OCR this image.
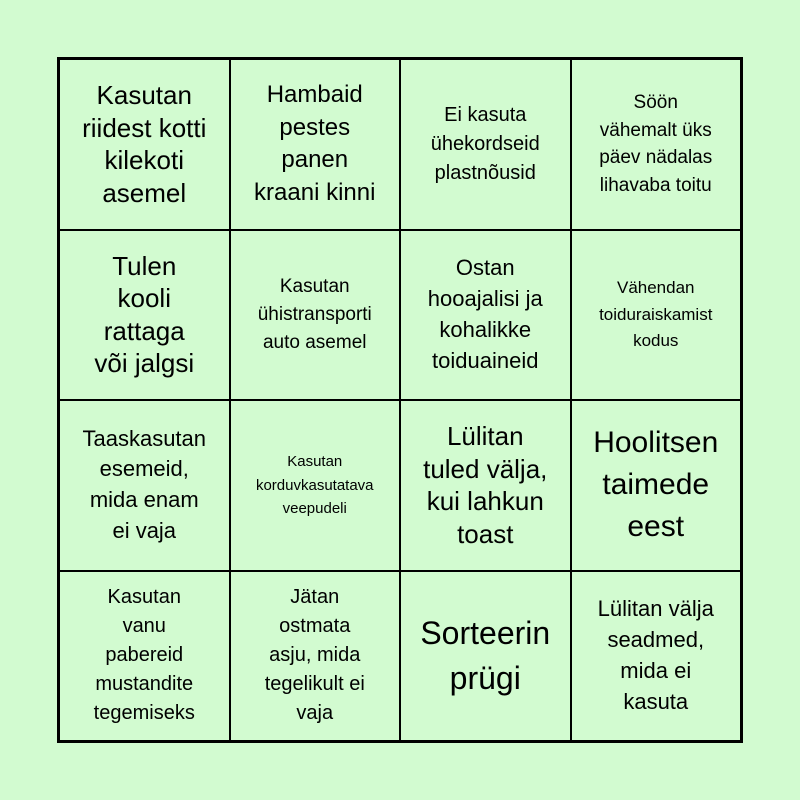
Kasutan
riidest kotti
kilekoti
asemel
Hambaid
pestes
panen
kraani kinni
Ei kasuta
ühekordseid
plastnõusid
Söön
vähemalt üks
päev nädalas
lihavaba toitu
Tulen
kooli
rattaga
või jalgsi
Kasutan
ühistransporti
auto asemel
Ostan
hooajalisi ja
kohalikke
toiduaineid
Vähendan
toiduraiskamist
kodus
Taaskasutan
esemeid,
mida enam
ei vaja
Kasutan
korduvkasutatava
veepudeli
Lülitan
tuled välja,
kui lahkun
toast
Hoolitsen
taimede
eest
Kasutan
vanu
pabereid
mustandite
tegemiseks
Jätan
ostmata
asju, mida
tegelikult ei
vaja
Sorteerin
prügi
Lülitan välja
seadmed,
mida ei
kasuta
